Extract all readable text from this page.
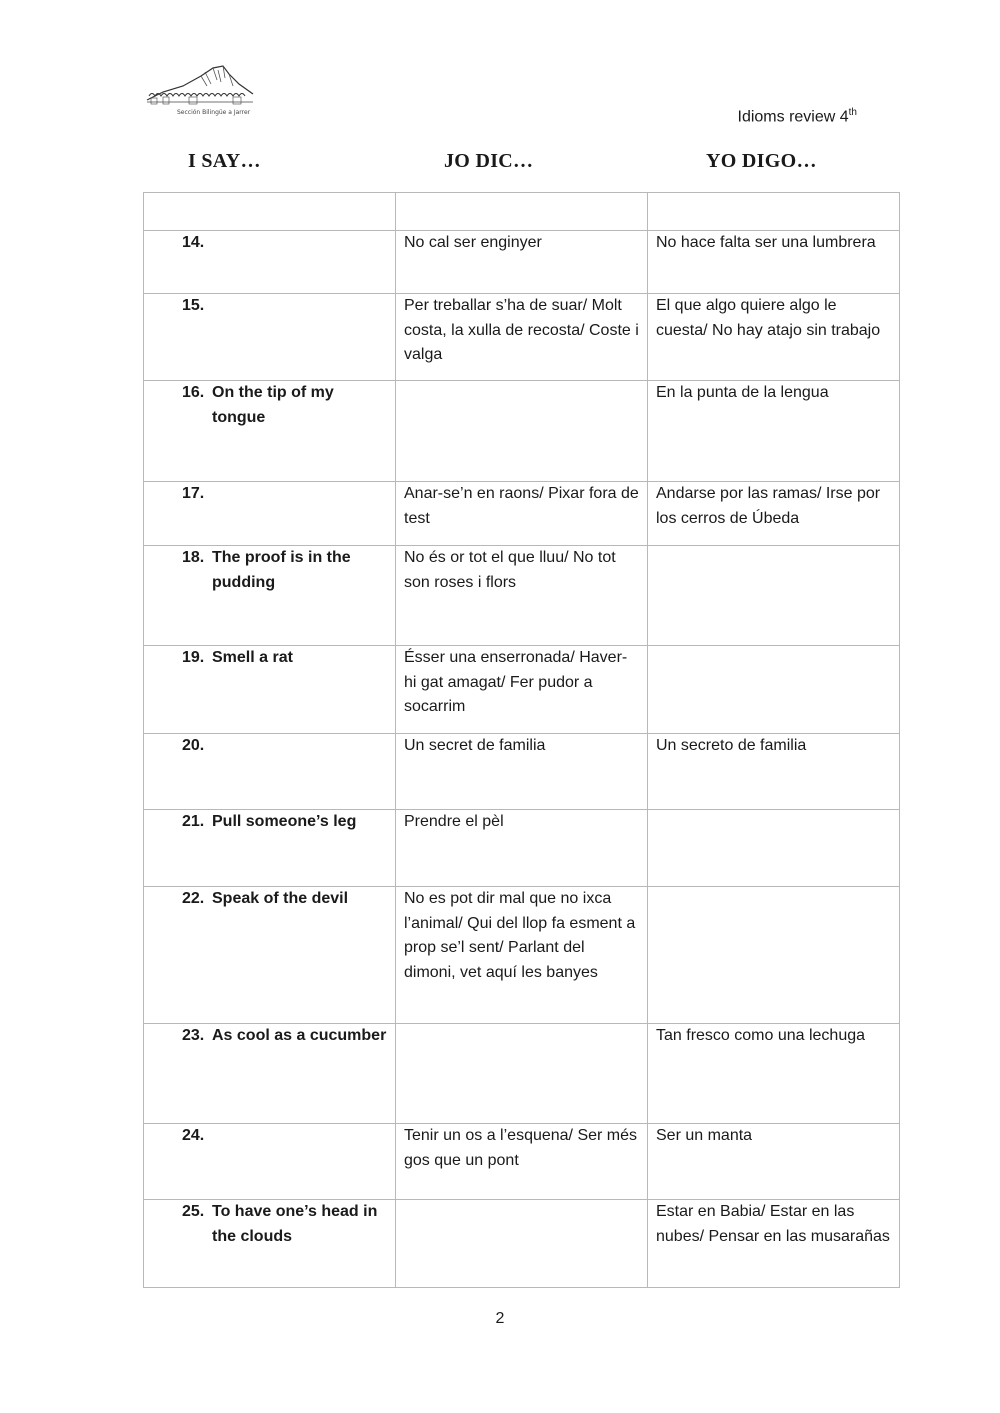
Sección Bilingüe a Jarrer	Idioms review 4th
I SAY…	JO DIC…	YO DIGO…

14.	No cal ser enginyer	No hace falta ser una lumbrera

15.	Per treballar s’ha de suar/ Molt costa, la xulla de recosta/ Coste i valga	El que algo quiere algo le cuesta/ No hay atajo sin trabajo

16. On the tip of my tongue		En la punta de la lengua

17.	Anar-se’n en raons/ Pixar fora de test	Andarse por las ramas/ Irse por los cerros de Úbeda

18. The proof is in the pudding	No és or tot el que lluu/ No tot son roses i flors	

19. Smell a rat	Ésser una enserronada/ Haver-hi gat amagat/ Fer pudor a socarrim	

20.	Un secret de familia	Un secreto de familia

21. Pull someone’s leg	Prendre el pèl	

22. Speak of the devil	No es pot dir mal que no ixca l’animal/ Qui del llop fa esment a prop se’l sent/ Parlant del dimoni, vet aquí les banyes	

23. As cool as a cucumber		Tan fresco como una lechuga

24.	Tenir un os a l’esquena/ Ser més gos que un pont	Ser un manta

25. To have one’s head in the clouds		Estar en Babia/ Estar en las nubes/ Pensar en las musarañas
2
